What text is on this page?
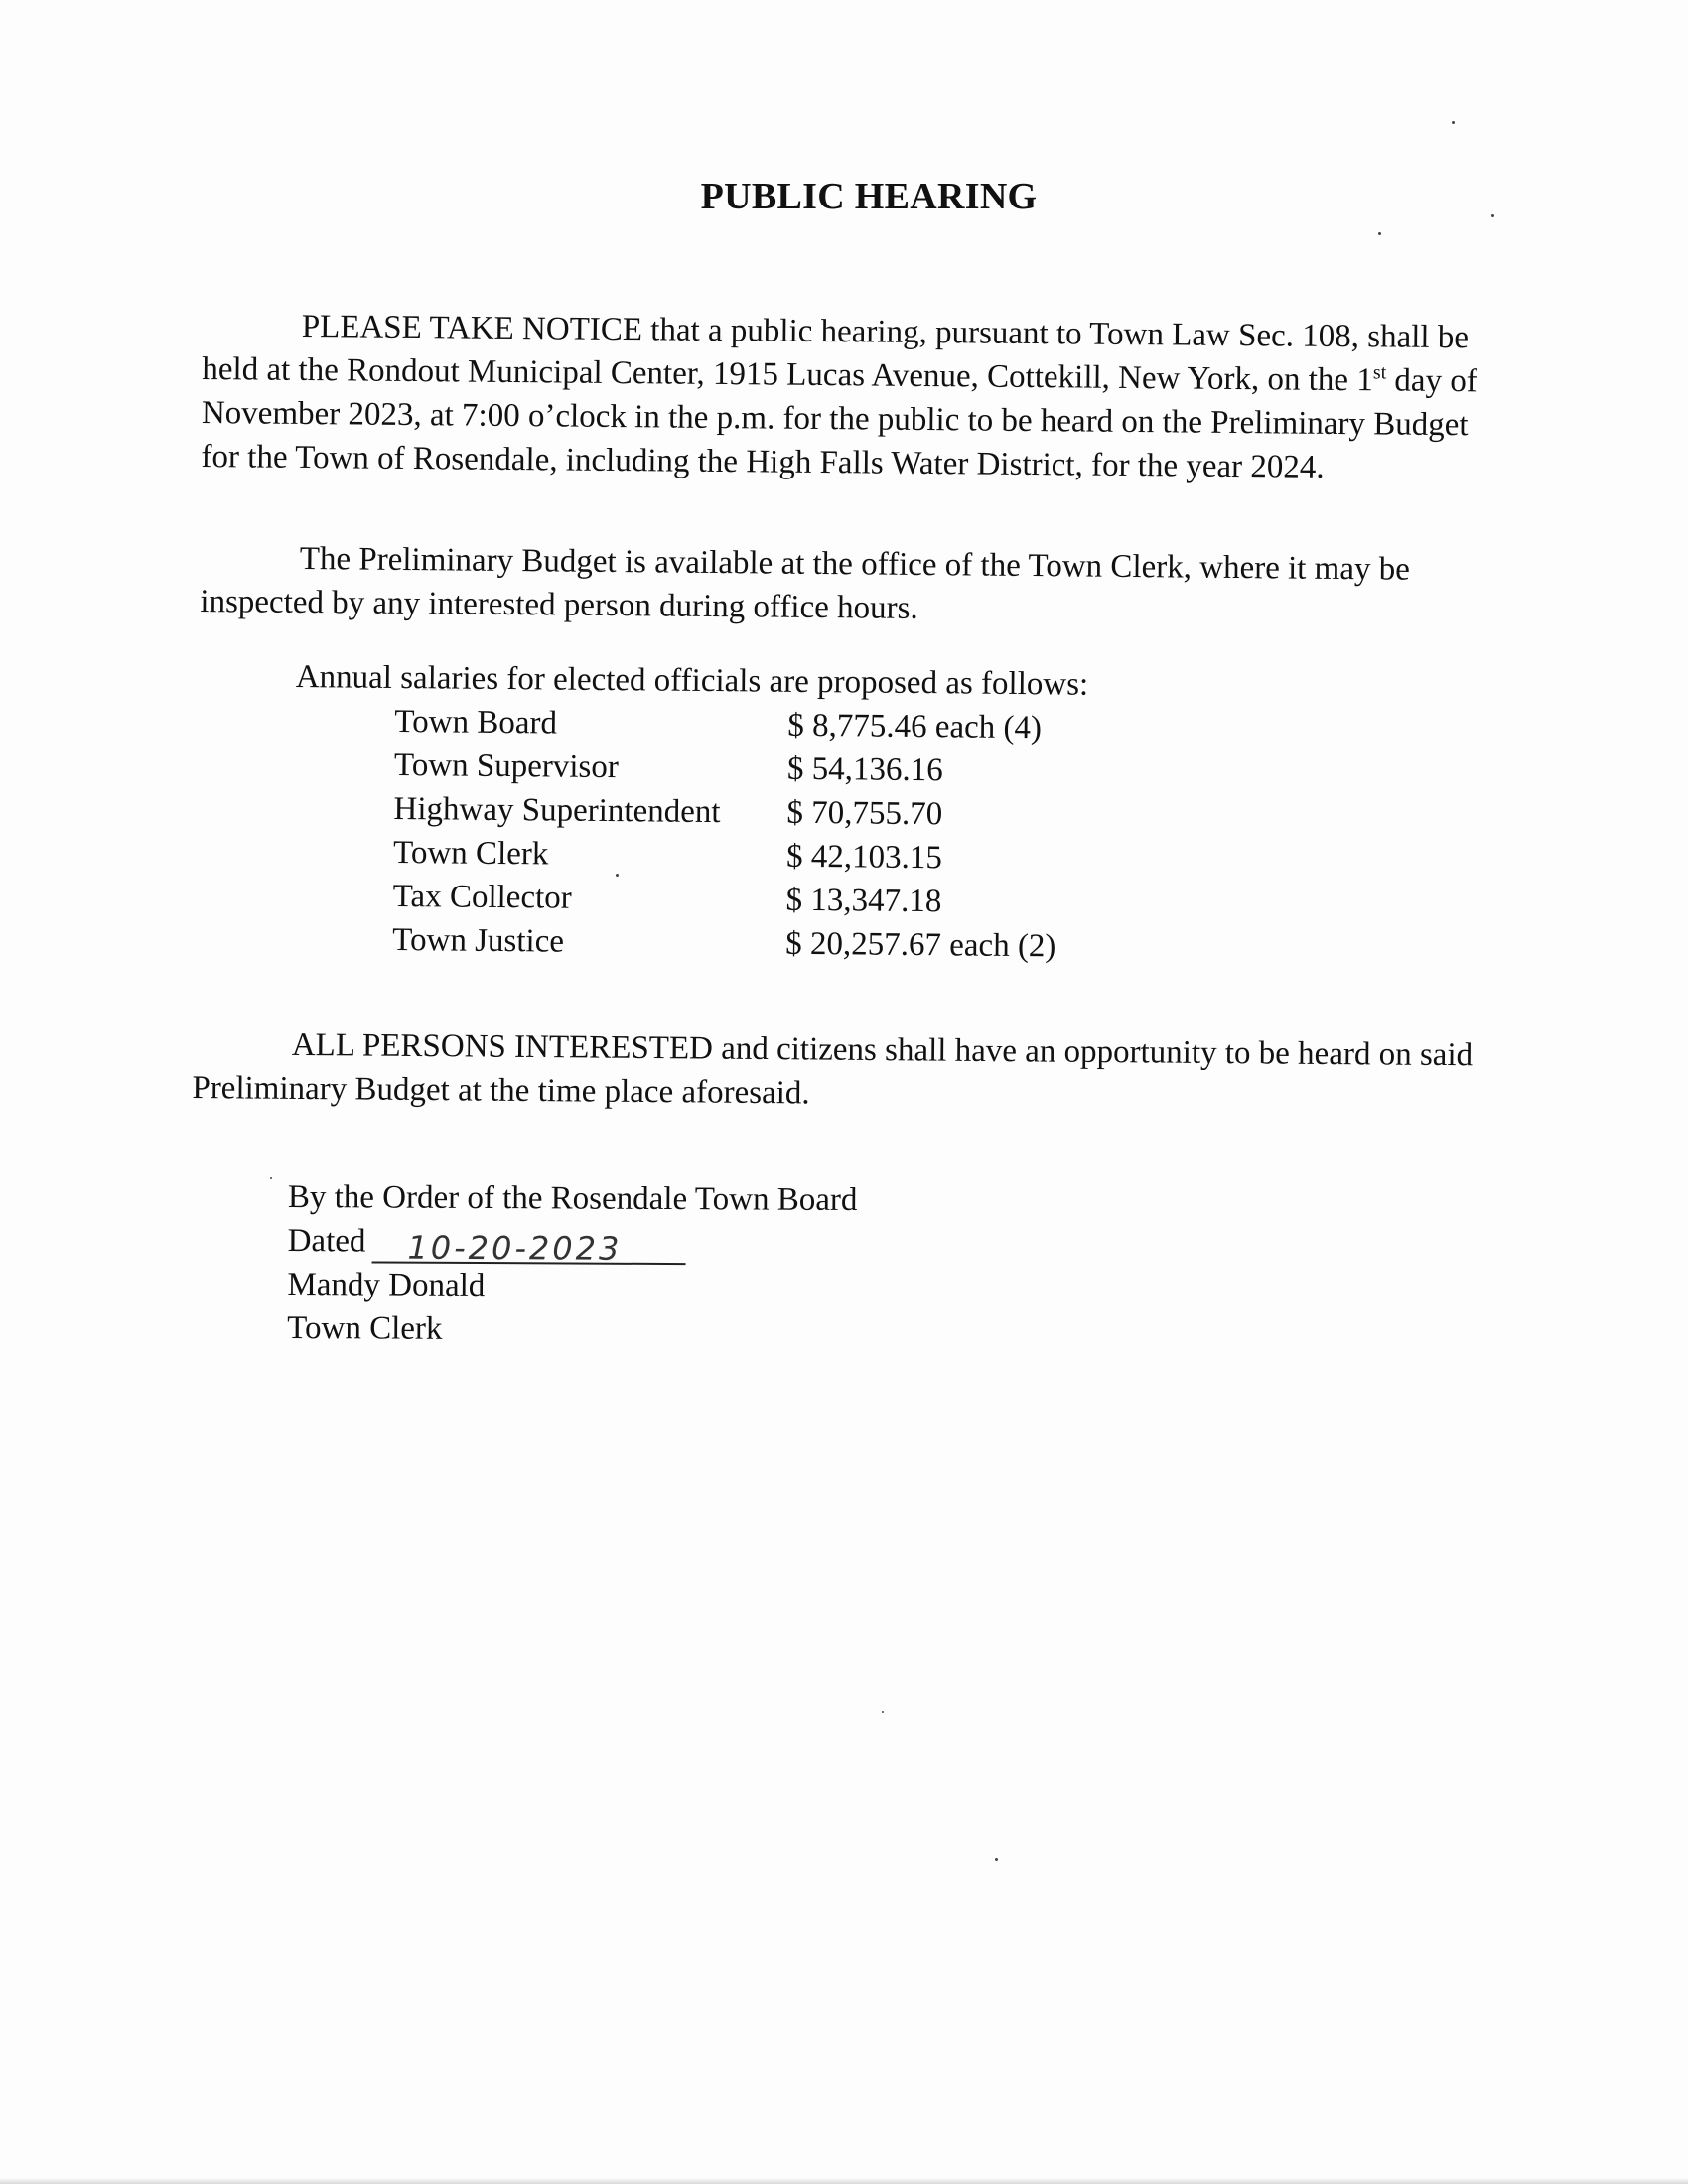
PUBLIC HEARING

PLEASE TAKE NOTICE that a public hearing, pursuant to Town Law Sec. 108, shall be held at the Rondout Municipal Center, 1915 Lucas Avenue, Cottekill, New York, on the 1st day of November 2023, at 7:00 o’clock in the p.m. for the public to be heard on the Preliminary Budget for the Town of Rosendale, including the High Falls Water District, for the year 2024.

The Preliminary Budget is available at the office of the Town Clerk, where it may be inspected by any interested person during office hours.

Annual salaries for elected officials are proposed as follows:
Town Board	$ 8,775.46 each (4)
Town Supervisor	$ 54,136.16
Highway Superintendent $ 70,755.70
Town Clerk	$ 42,103.15
Tax Collector	$ 13,347.18
Town Justice	$ 20,257.67 each (2)

ALL PERSONS INTERESTED and citizens shall have an opportunity to be heard on said Preliminary Budget at the time place aforesaid.

By the Order of the Rosendale Town Board
Dated 10-20-2023
Mandy Donald
Town Clerk
